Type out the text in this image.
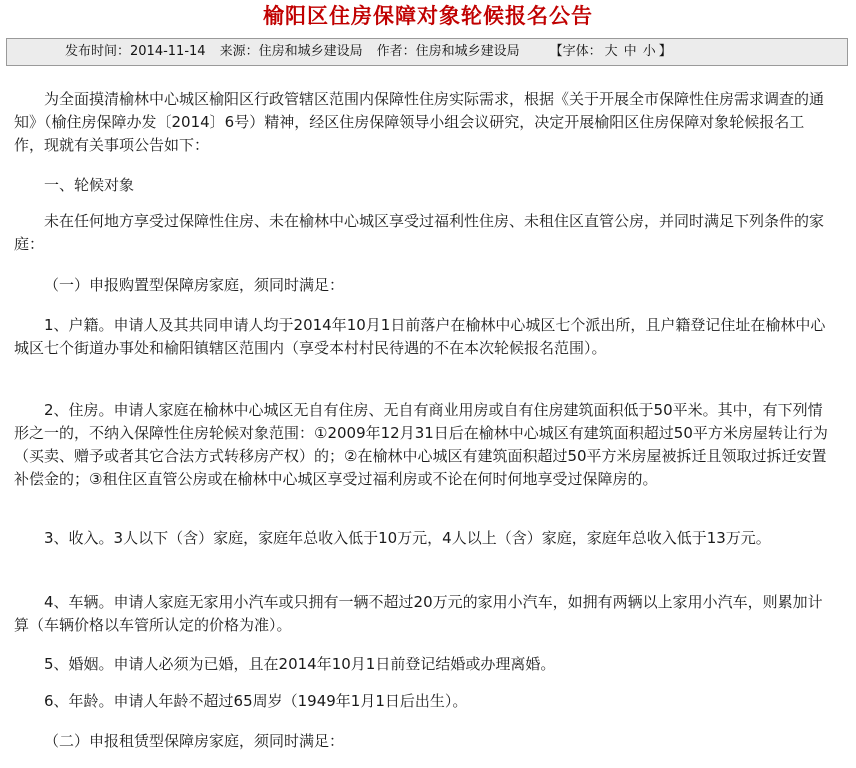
榆阳区住房保障对象轮候报名公告
发布时间：2014-11-14 来源：住房和城乡建设局 作者：住房和城乡建设局 【字体： 大 中 小 】

为全面摸清榆林中心城区榆阳区行政管辖区范围内保障性住房实际需求，根据《关于开展全市保障性住房需求调查的通知》（榆住房保障办发〔2014〕6号）精神，经区住房保障领导小组会议研究，决定开展榆阳区住房保障对象轮候报名工作，现就有关事项公告如下：

一、轮候对象

未在任何地方享受过保障性住房、未在榆林中心城区享受过福利性住房、未租住区直管公房，并同时满足下列条件的家庭：

（一）申报购置型保障房家庭，须同时满足：

1、户籍。申请人及其共同申请人均于2014年10月1日前落户在榆林中心城区七个派出所，且户籍登记住址在榆林中心城区七个街道办事处和榆阳镇辖区范围内（享受本村村民待遇的不在本次轮候报名范围）。

2、住房。申请人家庭在榆林中心城区无自有住房、无自有商业用房或自有住房建筑面积低于50平米。其中，有下列情形之一的，不纳入保障性住房轮候对象范围：①2009年12月31日后在榆林中心城区有建筑面积超过50平方米房屋转让行为（买卖、赠予或者其它合法方式转移房产权）的；②在榆林中心城区有建筑面积超过50平方米房屋被拆迁且领取过拆迁安置补偿金的；③租住区直管公房或在榆林中心城区享受过福利房或不论在何时何地享受过保障房的。

3、收入。3人以下（含）家庭，家庭年总收入低于10万元，4人以上（含）家庭，家庭年总收入低于13万元。

4、车辆。申请人家庭无家用小汽车或只拥有一辆不超过20万元的家用小汽车，如拥有两辆以上家用小汽车，则累加计算（车辆价格以车管所认定的价格为准）。

5、婚姻。申请人必须为已婚，且在2014年10月1日前登记结婚或办理离婚。

6、年龄。申请人年龄不超过65周岁（1949年1月1日后出生）。

（二）申报租赁型保障房家庭，须同时满足：
